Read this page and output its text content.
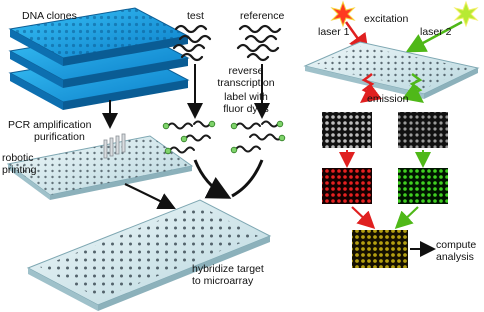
DNA clones	test	reference
reverse
transcription
label with
fluor dyes
PCR amplification
purification
robotic
printing
hybridize target
to microarray
laser 1
excitation
laser 2
emission
compute
analysis
